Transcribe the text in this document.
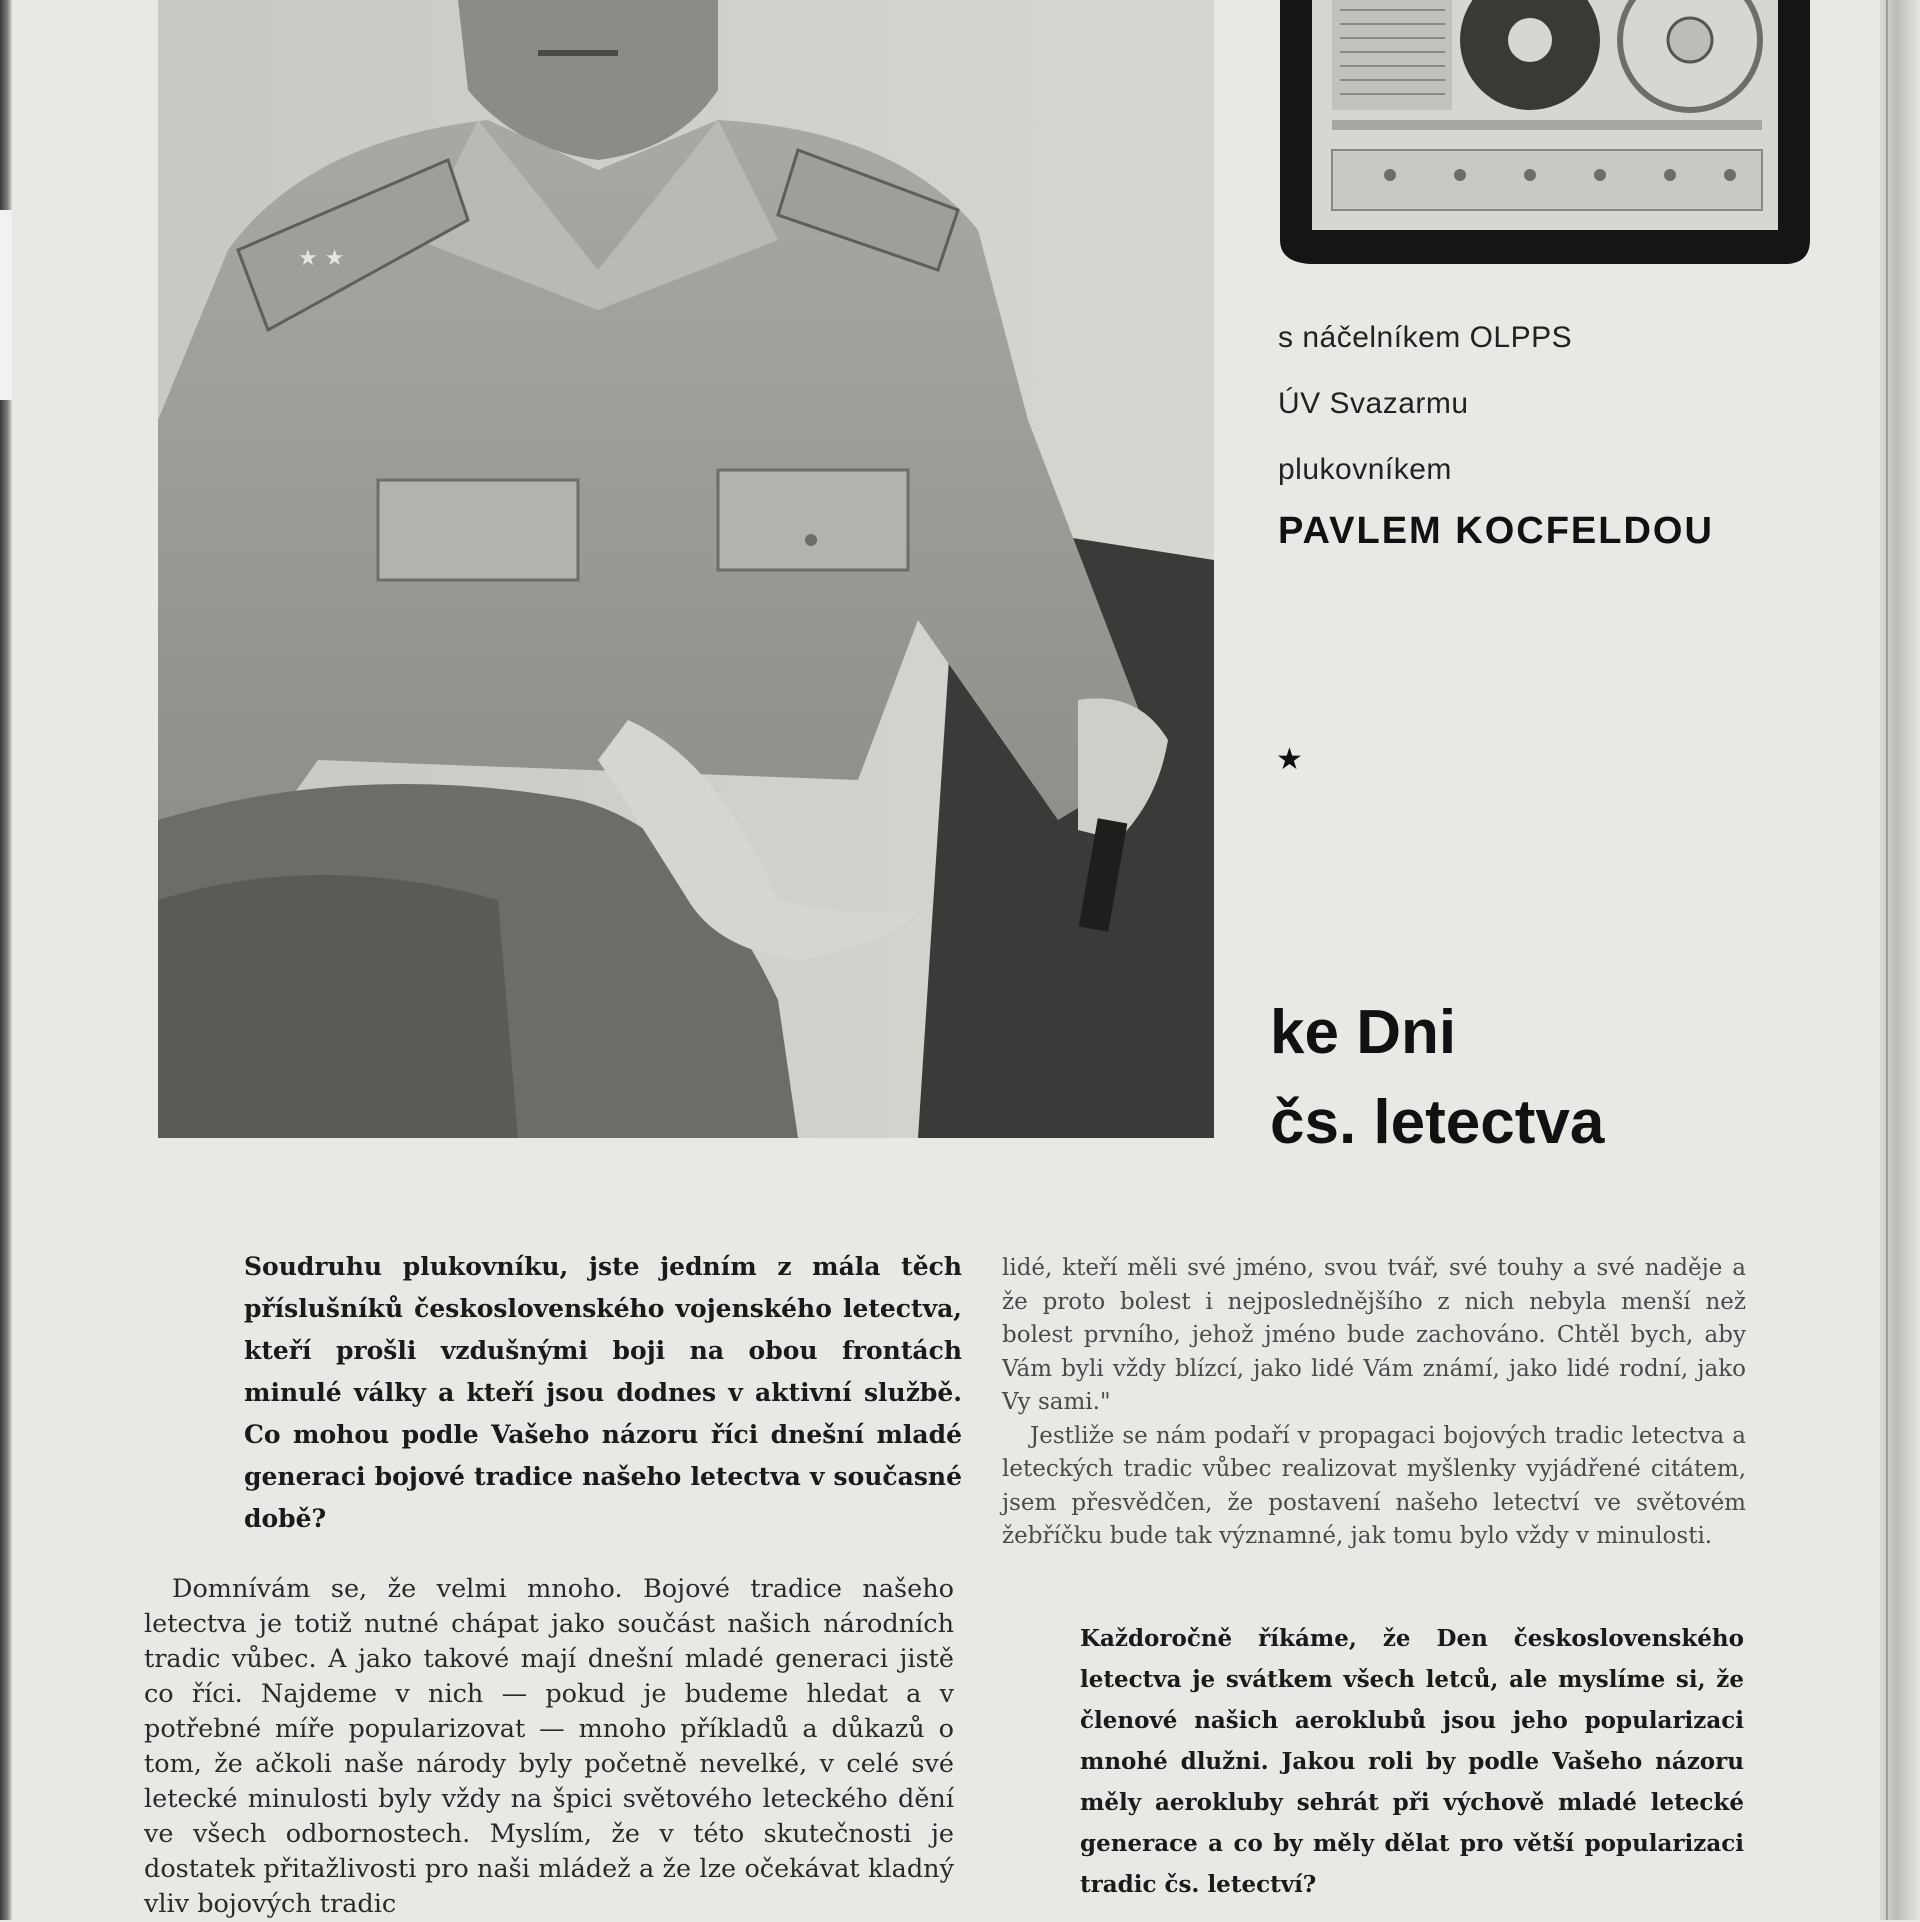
★ ★
s náčelníkem OLPPS
ÚV Svazarmu
plukovníkem
PAVLEM KOCFELDOU
★
ke Dni
čs. letectva

Soudruhu plukovníku, jste jedním z mála těch příslušníků československého vojenského letectva, kteří prošli vzdušnými boji na obou frontách minulé války a kteří jsou dodnes v aktivní službě. Co mohou podle Vašeho názoru říci dnešní mladé generaci bojové tradice našeho letectva v současné době?

Domnívám se, že velmi mnoho. Bojové tradice našeho letectva je totiž nutné chápat jako součást našich národních tradic vůbec. A jako takové mají dnešní mladé generaci jistě co říci. Najdeme v nich — pokud je budeme hledat a v potřebné míře popularizovat — mnoho příkladů a důkazů o tom, že ačkoli naše národy byly početně nevelké, v celé své letecké minulosti byly vždy na špici světového leteckého dění ve všech odbornostech. Myslím, že v této skutečnosti je dostatek přitažlivosti pro naši mládež a že lze očekávat kladný vliv bojových tradic

lidé, kteří měli své jméno, svou tvář, své touhy a své naděje a že proto bolest i nejposlednějšího z nich nebyla menší než bolest prvního, jehož jméno bude zachováno. Chtěl bych, aby Vám byli vždy blízcí, jako lidé Vám známí, jako lidé rodní, jako Vy sami."

Jestliže se nám podaří v propagaci bojových tradic letectva a leteckých tradic vůbec realizovat myšlenky vyjádřené citátem, jsem přesvědčen, že postavení našeho letectví ve světovém žebříčku bude tak významné, jak tomu bylo vždy v minulosti.

Každoročně říkáme, že Den československého letectva je svátkem všech letců, ale myslíme si, že členové našich aeroklubů jsou jeho popularizaci mnohé dlužni. Jakou roli by podle Vašeho názoru měly aerokluby sehrát při výchově mladé letecké generace a co by měly dělat pro větší popularizaci tradic čs. letectví?
